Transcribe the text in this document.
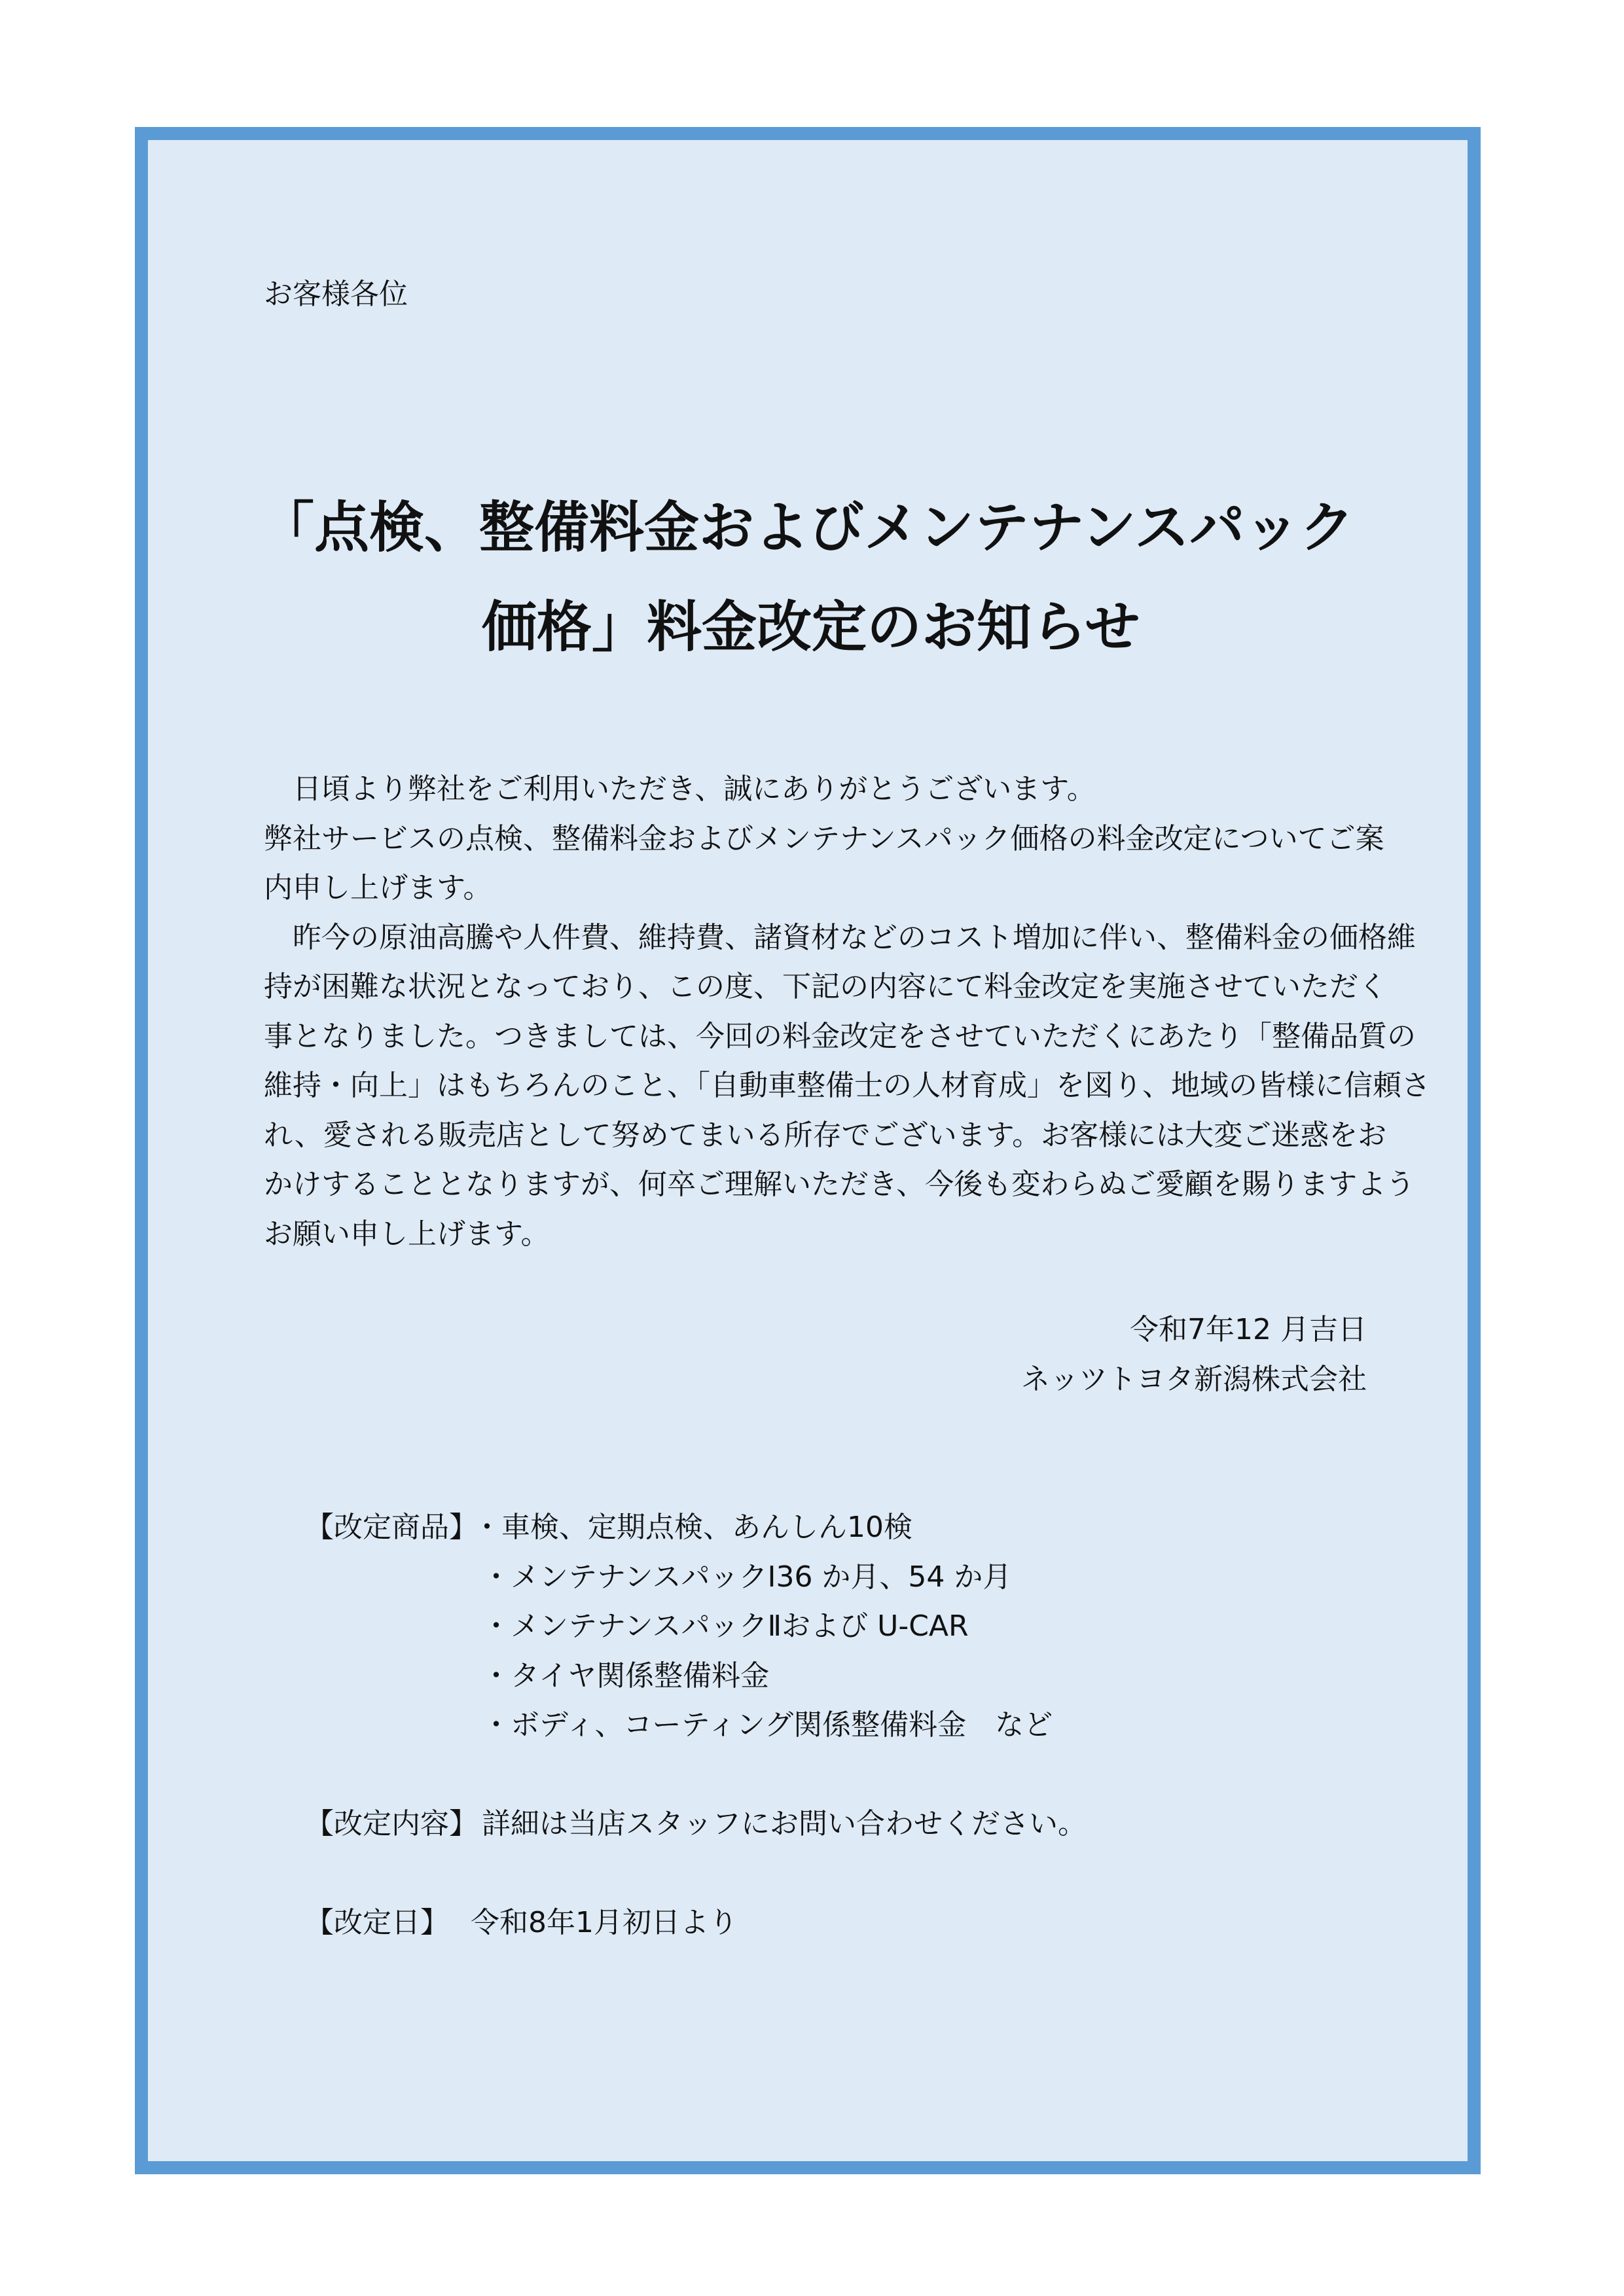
お客様各位
「点検、整備料金およびメンテナンスパック
価格」料金改定のお知らせ
日頃より弊社をご利用いただき、誠にありがとうございます。
弊社サービスの点検、整備料金およびメンテナンスパック価格の料金改定についてご案
内申し上げます。
昨今の原油高騰や人件費、維持費、諸資材などのコスト増加に伴い、整備料金の価格維
持が困難な状況となっており、この度、下記の内容にて料金改定を実施させていただく
事となりました。つきましては、今回の料金改定をさせていただくにあたり「整備品質の
維持・向上」はもちろんのこと、「自動車整備士の人材育成」を図り、地域の皆様に信頼さ
れ、愛される販売店として努めてまいる所存でございます。お客様には大変ご迷惑をお
かけすることとなりますが、何卒ご理解いただき、今後も変わらぬご愛顧を賜りますよう
お願い申し上げます。
令和7年12 月吉日
ネッツトヨタ新潟株式会社
【改定商品】
・車検、定期点検、あんしん10検
・メンテナンスパックⅠ36 か月、54 か月
・メンテナンスパックⅡおよび U-CAR
・タイヤ関係整備料金
・ボディ、コーティング関係整備料金　など
【改定内容】 詳細は当店スタッフにお問い合わせください。
【改定日】 令和8年1月初日より
